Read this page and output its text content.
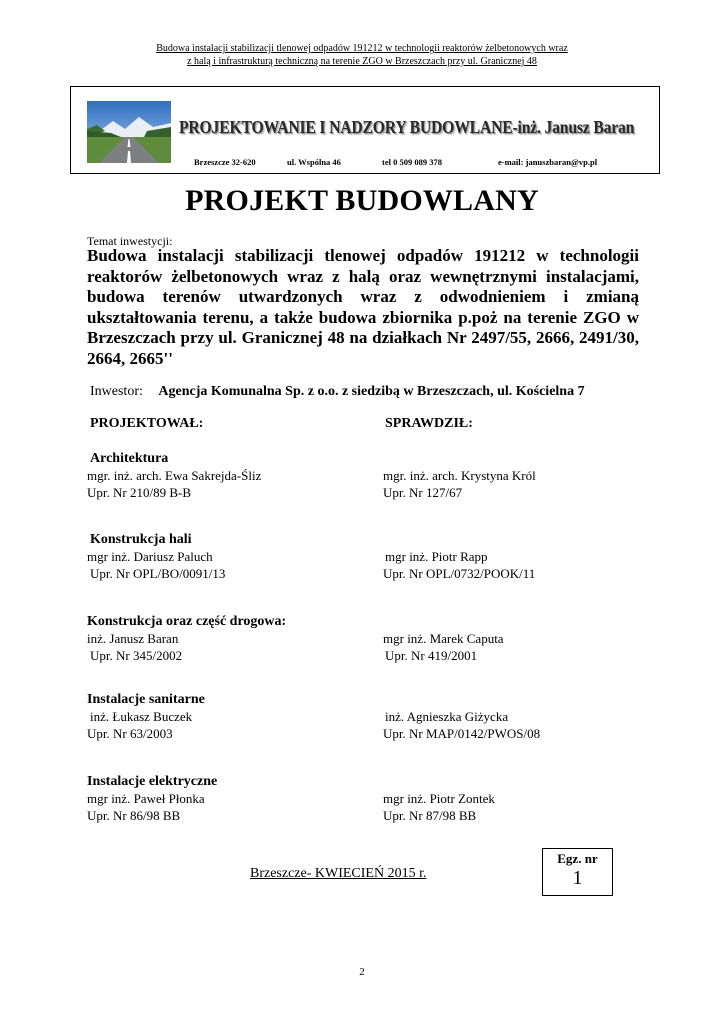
Budowa instalacji stabilizacji tlenowej odpadów 191212 w technologii reaktorów żelbetonowych wraz
z halą i infrastrukturą techniczną na terenie ZGO w Brzeszczach przy ul. Granicznej 48
PROJEKTOWANIE I NADZORY BUDOWLANE-inż. Janusz Baran
Brzeszcze 32-620	ul. Wspólna 46	tel 0 509 089 378	e-mail: januszbaran@vp.pl
PROJEKT BUDOWLANY
Temat inwestycji:
Budowa instalacji stabilizacji tlenowej odpadów 191212 w technologii reaktorów żelbetonowych wraz z halą oraz wewnętrznymi instalacjami, budowa terenów utwardzonych wraz z odwodnieniem i zmianą ukształtowania terenu, a także budowa zbiornika p.poż na terenie ZGO w Brzeszczach przy ul. Granicznej 48 na działkach Nr 2497/55, 2666, 2491/30, 2664, 2665''
Inwestor: Agencja Komunalna Sp. z o.o. z siedzibą w Brzeszczach, ul. Kościelna 7
PROJEKTOWAŁ:	SPRAWDZIŁ:
Architektura
mgr. inż. arch. Ewa Sakrejda-Śliz	mgr. inż. arch. Krystyna Król
Upr. Nr 210/89 B-B	Upr. Nr 127/67
Konstrukcja hali
mgr inż. Dariusz Paluch	mgr inż. Piotr Rapp
Upr. Nr OPL/BO/0091/13	Upr. Nr OPL/0732/POOK/11
Konstrukcja oraz część drogowa:
inż. Janusz Baran	mgr inż. Marek Caputa
Upr. Nr 345/2002	Upr. Nr 419/2001
Instalacje sanitarne
inż. Łukasz Buczek	inż. Agnieszka Giżycka
Upr. Nr 63/2003	Upr. Nr MAP/0142/PWOS/08
Instalacje elektryczne
mgr inż. Paweł Płonka	mgr inż. Piotr Zontek
Upr. Nr 86/98 BB	Upr. Nr 87/98 BB
Egz. nr
1
Brzeszcze- KWIECIEŃ 2015 r.
2
